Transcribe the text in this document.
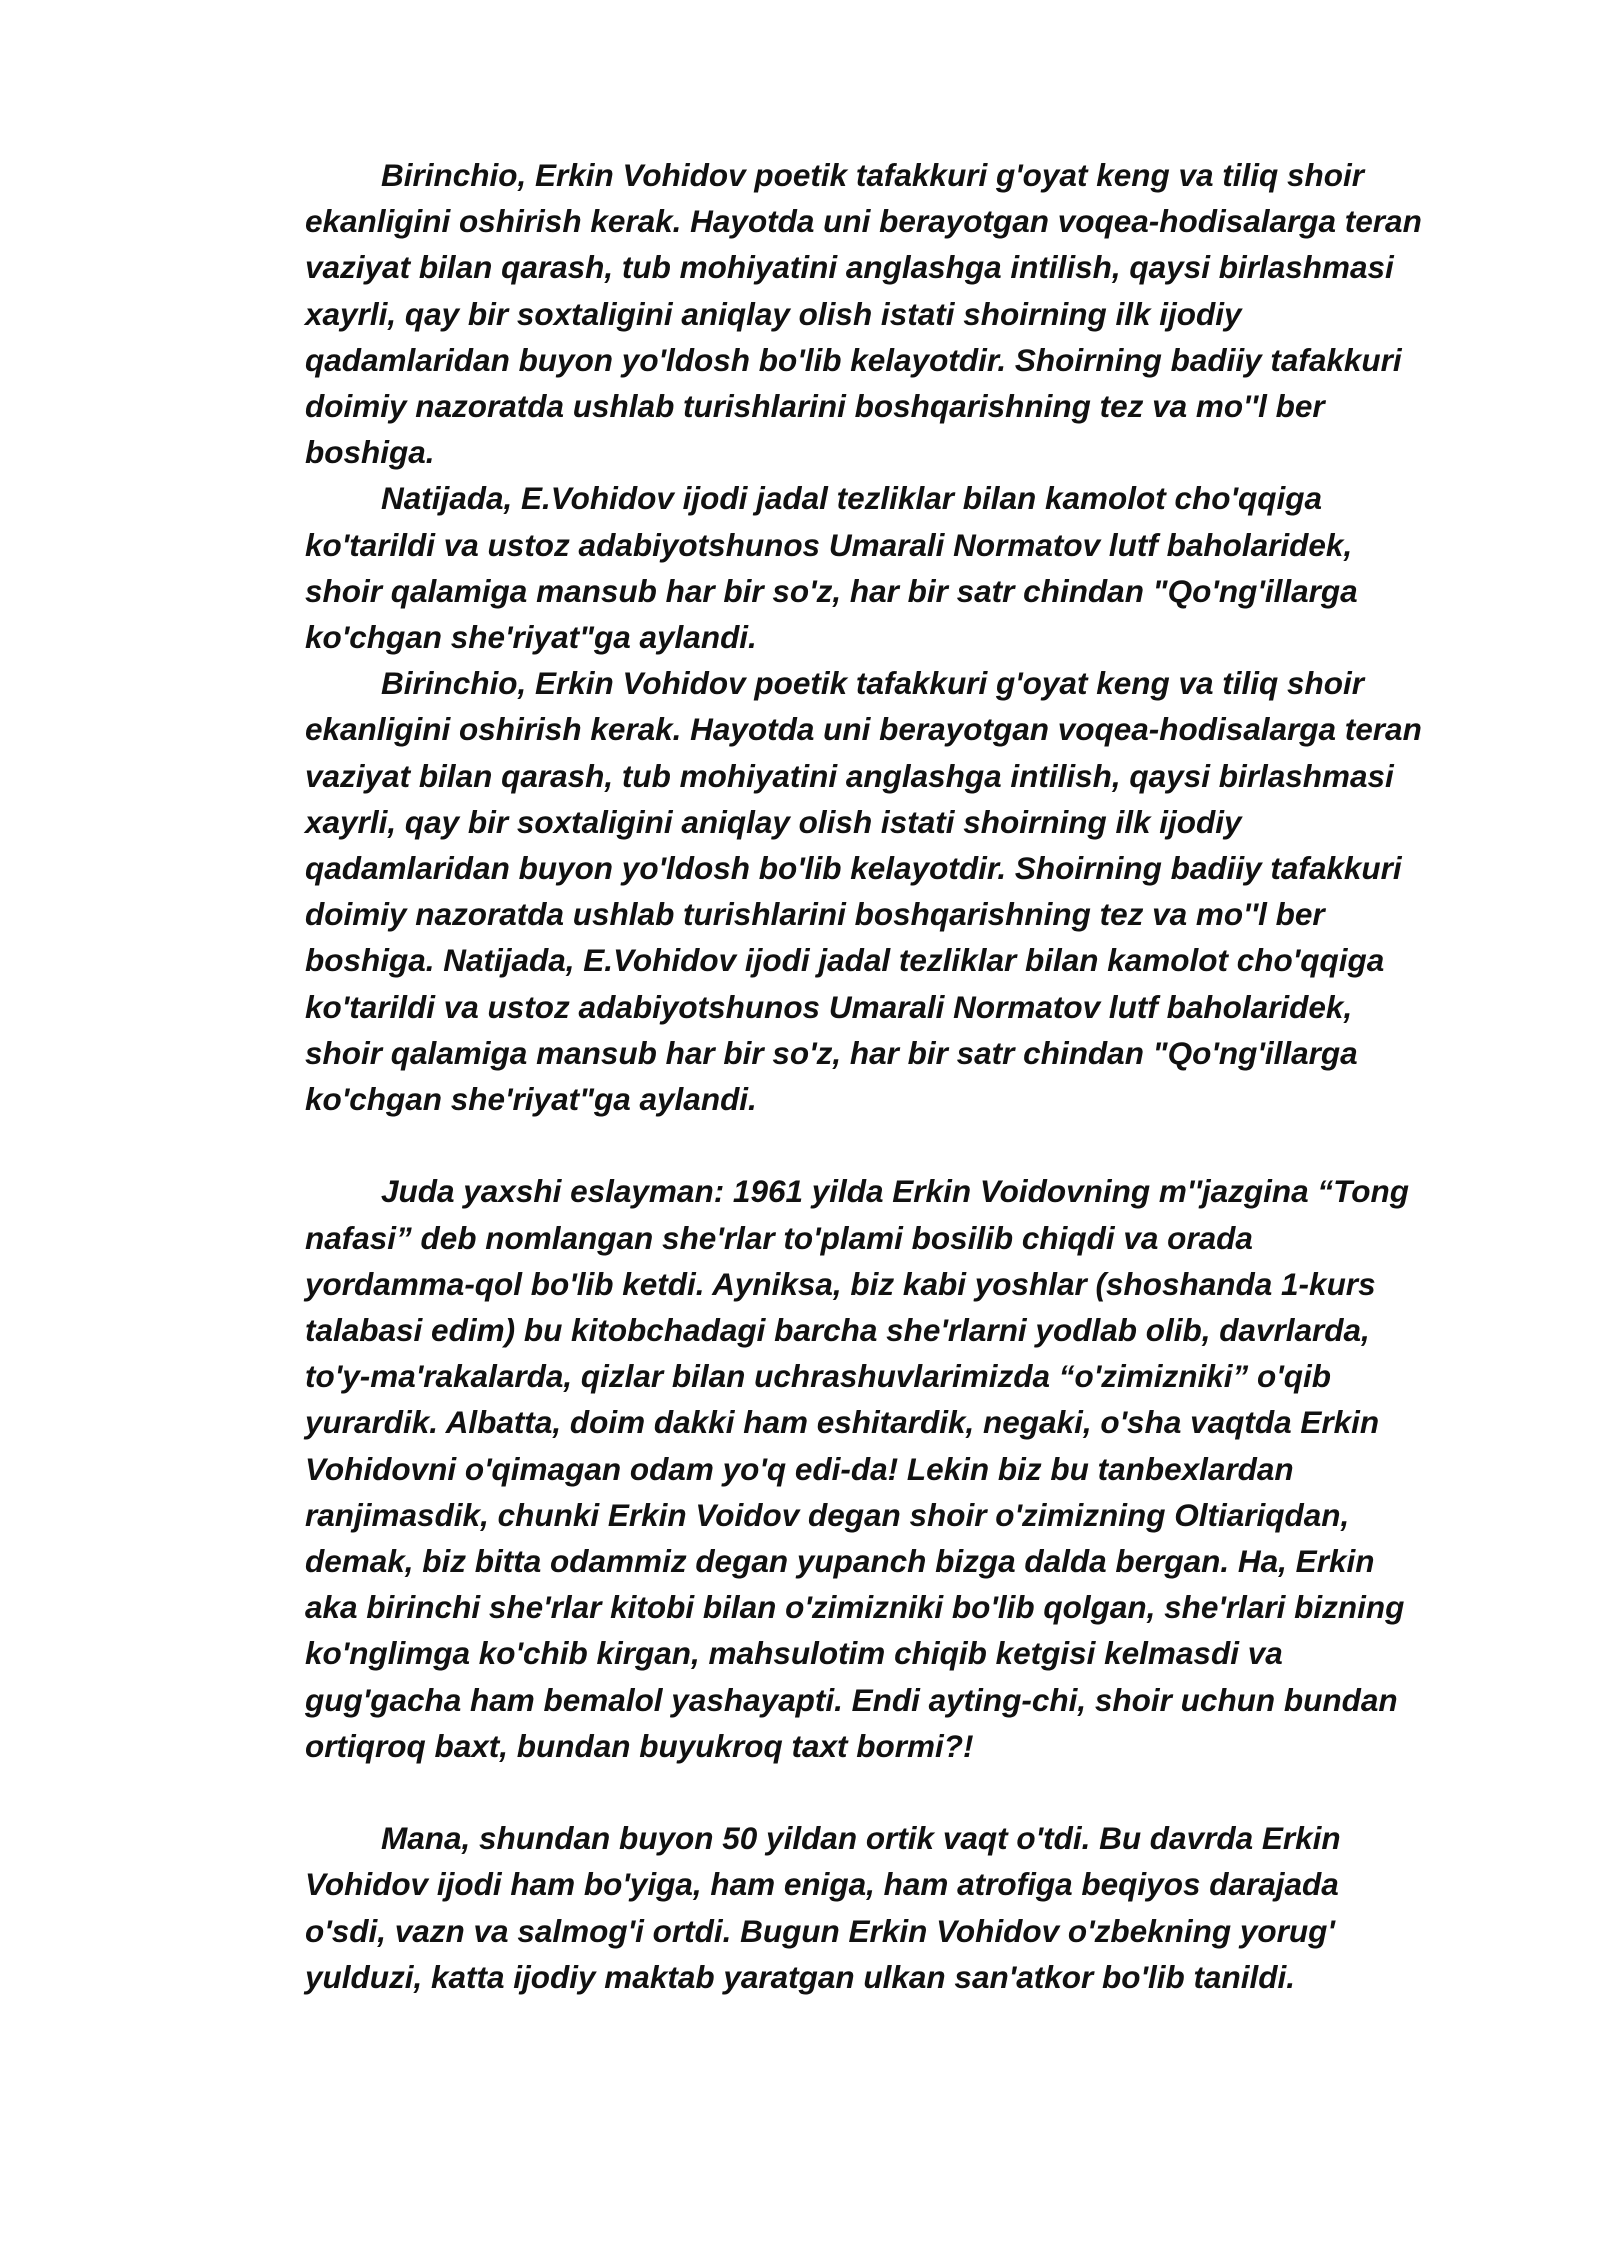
Birinchio, Erkin Vohidov poetik tafakkuri g'oyat keng va tiliq shoir
ekanligini oshirish kerak. Hayotda uni berayotgan voqea-hodisalarga teran
vaziyat bilan qarash, tub mohiyatini anglashga intilish, qaysi birlashmasi
xayrli, qay bir soxtaligini aniqlay olish istati shoirning ilk ijodiy
qadamlaridan buyon yo'ldosh bo'lib kelayotdir. Shoirning badiiy tafakkuri
doimiy nazoratda ushlab turishlarini boshqarishning tez va mo''l ber
boshiga.

Natijada, E.Vohidov ijodi jadal tezliklar bilan kamolot cho'qqiga
ko'tarildi va ustoz adabiyotshunos Umarali Normatov lutf baholaridek,
shoir qalamiga mansub har bir so'z, har bir satr chindan "Qo'ng'illarga
ko'chgan she'riyat"ga aylandi.

Birinchio, Erkin Vohidov poetik tafakkuri g'oyat keng va tiliq shoir
ekanligini oshirish kerak. Hayotda uni berayotgan voqea-hodisalarga teran
vaziyat bilan qarash, tub mohiyatini anglashga intilish, qaysi birlashmasi
xayrli, qay bir soxtaligini aniqlay olish istati shoirning ilk ijodiy
qadamlaridan buyon yo'ldosh bo'lib kelayotdir. Shoirning badiiy tafakkuri
doimiy nazoratda ushlab turishlarini boshqarishning tez va mo''l ber
boshiga. Natijada, E.Vohidov ijodi jadal tezliklar bilan kamolot cho'qqiga
ko'tarildi va ustoz adabiyotshunos Umarali Normatov lutf baholaridek,
shoir qalamiga mansub har bir so'z, har bir satr chindan "Qo'ng'illarga
ko'chgan she'riyat"ga aylandi.

Juda yaxshi eslayman: 1961 yilda Erkin Voidovning m''jazgina “Tong
nafasi” deb nomlangan she'rlar to'plami bosilib chiqdi va orada
yordamma-qol bo'lib ketdi. Ayniksa, biz kabi yoshlar (shoshanda 1-kurs
talabasi edim) bu kitobchadagi barcha she'rlarni yodlab olib, davrlarda,
to'y-ma'rakalarda, qizlar bilan uchrashuvlarimizda “o'zimizniki” o'qib
yurardik. Albatta, doim dakki ham eshitardik, negaki, o'sha vaqtda Erkin
Vohidovni o'qimagan odam yo'q edi-da! Lekin biz bu tanbexlardan
ranjimasdik, chunki Erkin Voidov degan shoir o'zimizning Oltiariqdan,
demak, biz bitta odammiz degan yupanch bizga dalda bergan. Ha, Erkin
aka birinchi she'rlar kitobi bilan o'zimizniki bo'lib qolgan, she'rlari bizning
ko'nglimga ko'chib kirgan, mahsulotim chiqib ketgisi kelmasdi va
gug'gacha ham bemalol yashayapti. Endi ayting-chi, shoir uchun bundan
ortiqroq baxt, bundan buyukroq taxt bormi?!

Mana, shundan buyon 50 yildan ortik vaqt o'tdi. Bu davrda Erkin
Vohidov ijodi ham bo'yiga, ham eniga, ham atrofiga beqiyos darajada
o'sdi, vazn va salmog'i ortdi. Bugun Erkin Vohidov o'zbekning yorug'
yulduzi, katta ijodiy maktab yaratgan ulkan san'atkor bo'lib tanildi.
